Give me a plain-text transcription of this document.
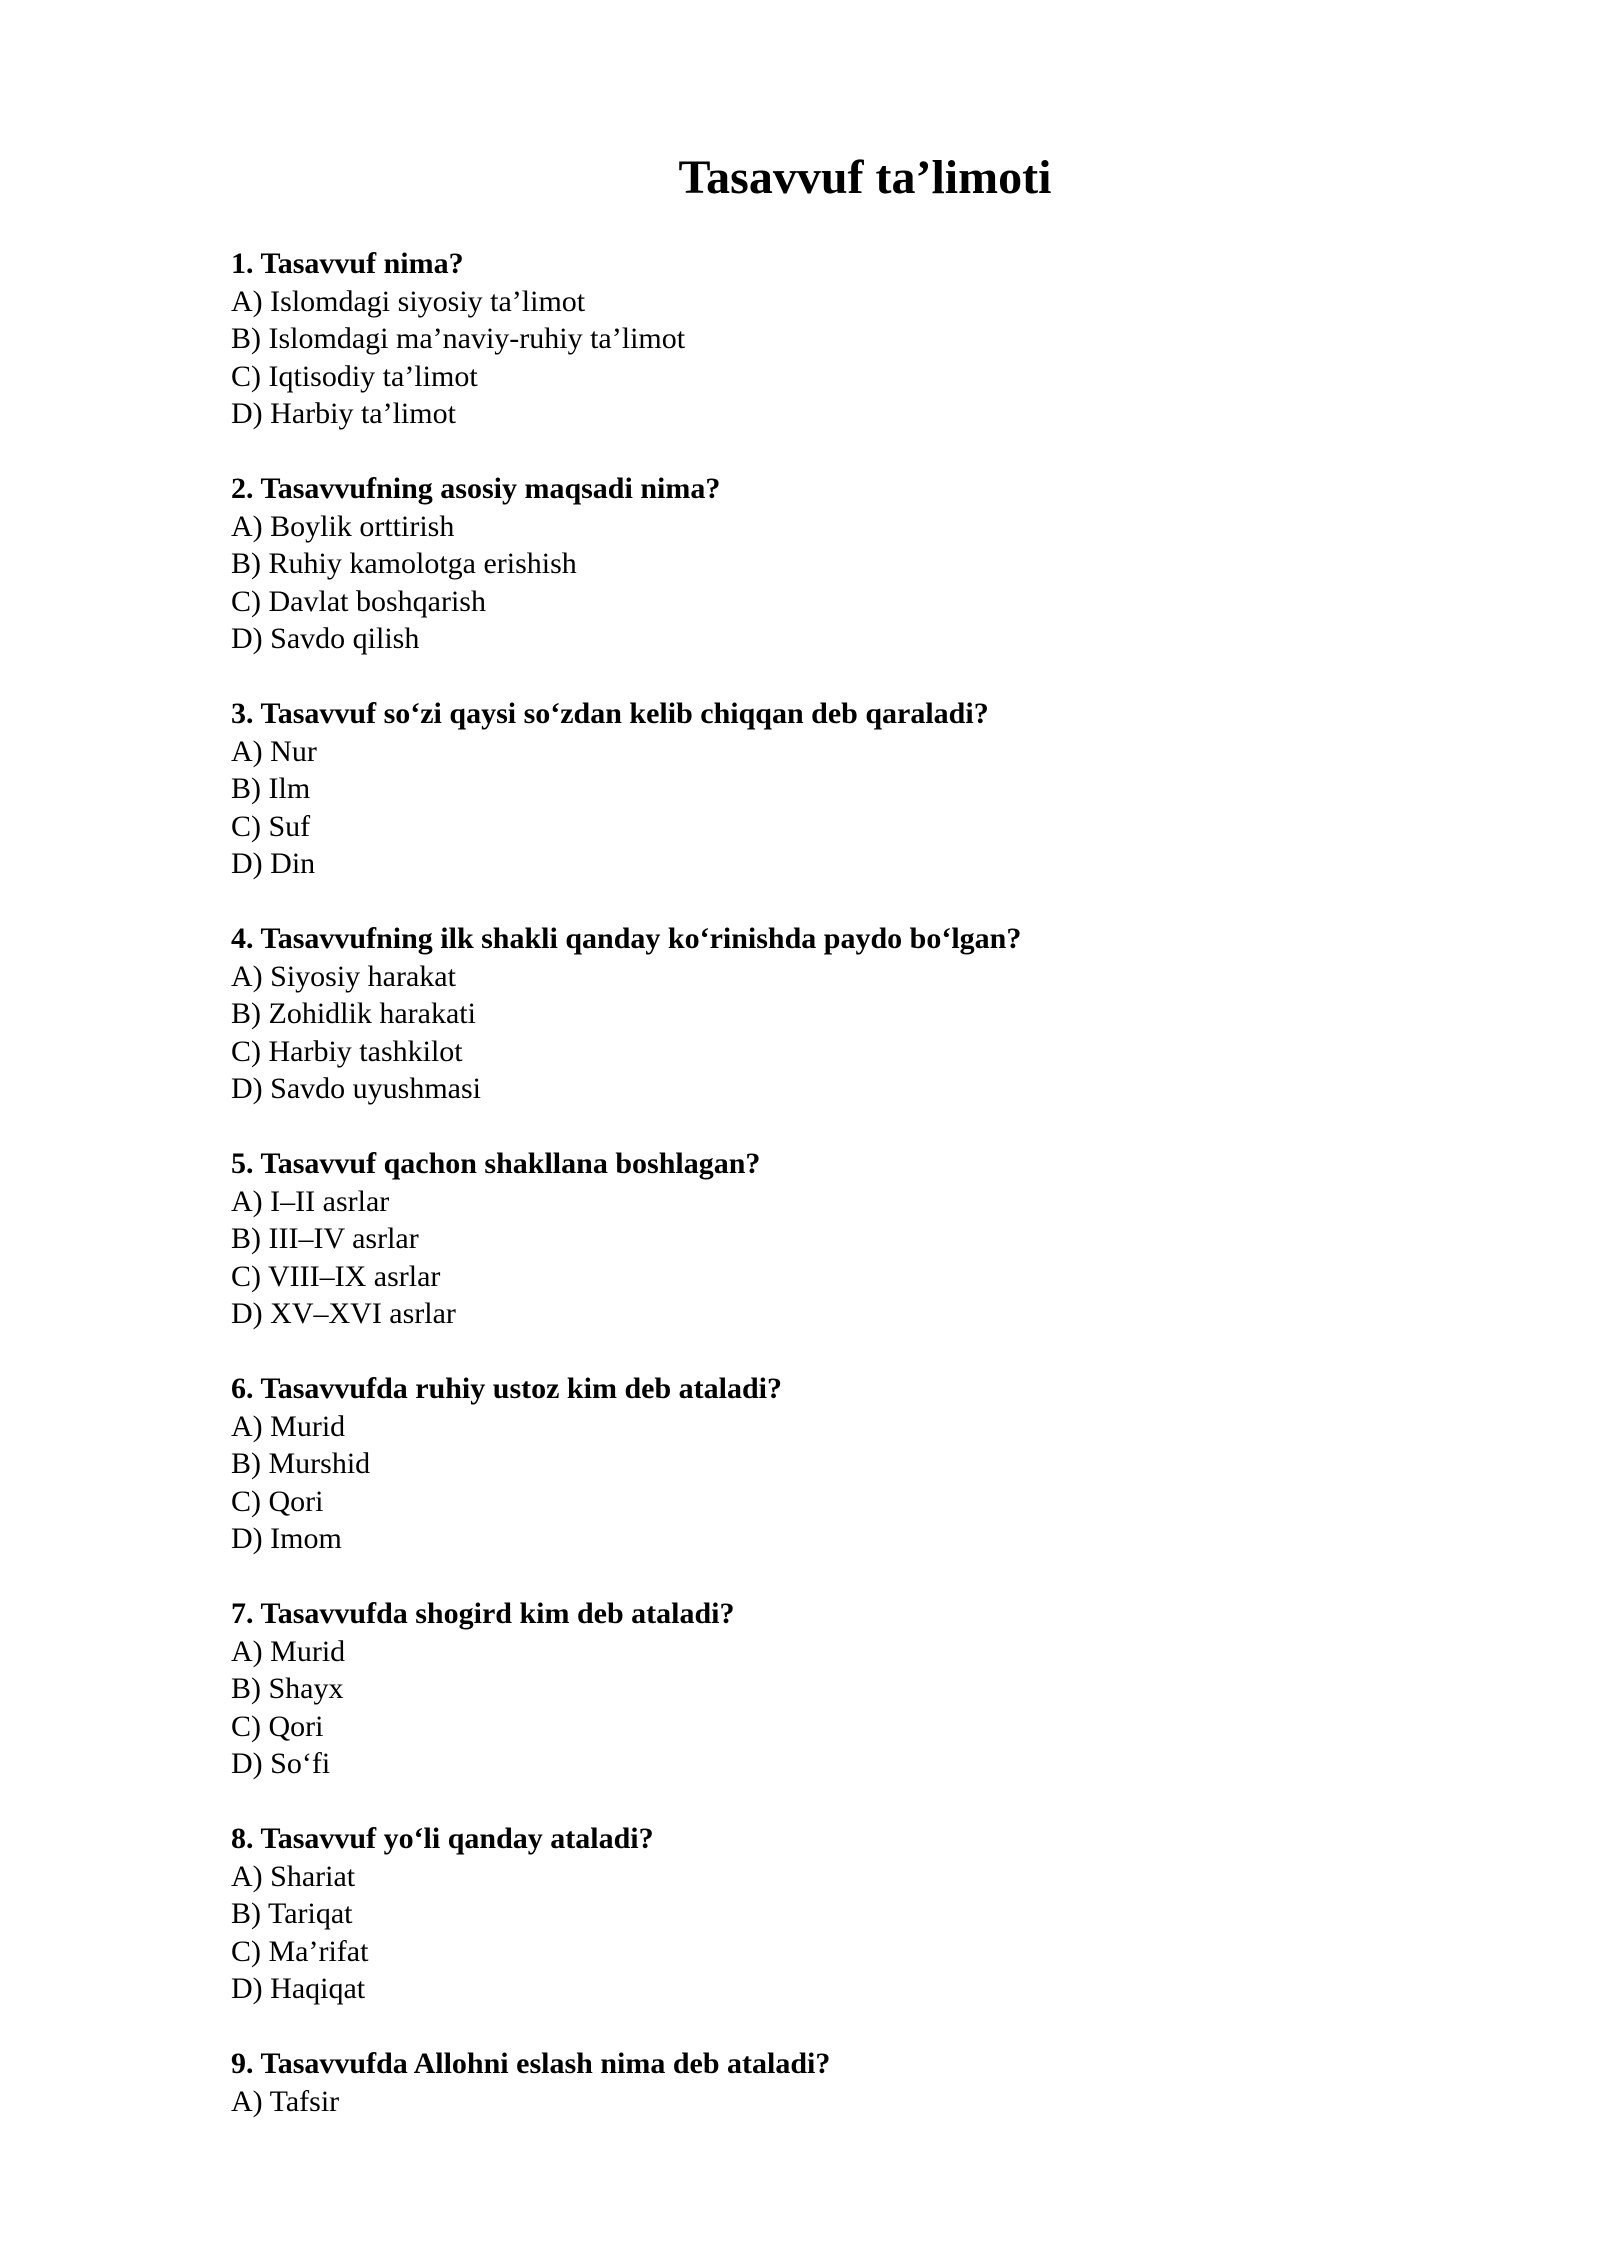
Tasavvuf ta’limoti
1. Tasavvuf nima?
A) Islomdagi siyosiy ta’limot
B) Islomdagi ma’naviy-ruhiy ta’limot
C) Iqtisodiy ta’limot
D) Harbiy ta’limot
2. Tasavvufning asosiy maqsadi nima?
A) Boylik orttirish
B) Ruhiy kamolotga erishish
C) Davlat boshqarish
D) Savdo qilish
3. Tasavvuf so‘zi qaysi so‘zdan kelib chiqqan deb qaraladi?
A) Nur
B) Ilm
C) Suf
D) Din
4. Tasavvufning ilk shakli qanday ko‘rinishda paydo bo‘lgan?
A) Siyosiy harakat
B) Zohidlik harakati
C) Harbiy tashkilot
D) Savdo uyushmasi
5. Tasavvuf qachon shakllana boshlagan?
A) I–II asrlar
B) III–IV asrlar
C) VIII–IX asrlar
D) XV–XVI asrlar
6. Tasavvufda ruhiy ustoz kim deb ataladi?
A) Murid
B) Murshid
C) Qori
D) Imom
7. Tasavvufda shogird kim deb ataladi?
A) Murid
B) Shayx
C) Qori
D) So‘fi
8. Tasavvuf yo‘li qanday ataladi?
A) Shariat
B) Tariqat
C) Ma’rifat
D) Haqiqat
9. Tasavvufda Allohni eslash nima deb ataladi?
A) Tafsir
